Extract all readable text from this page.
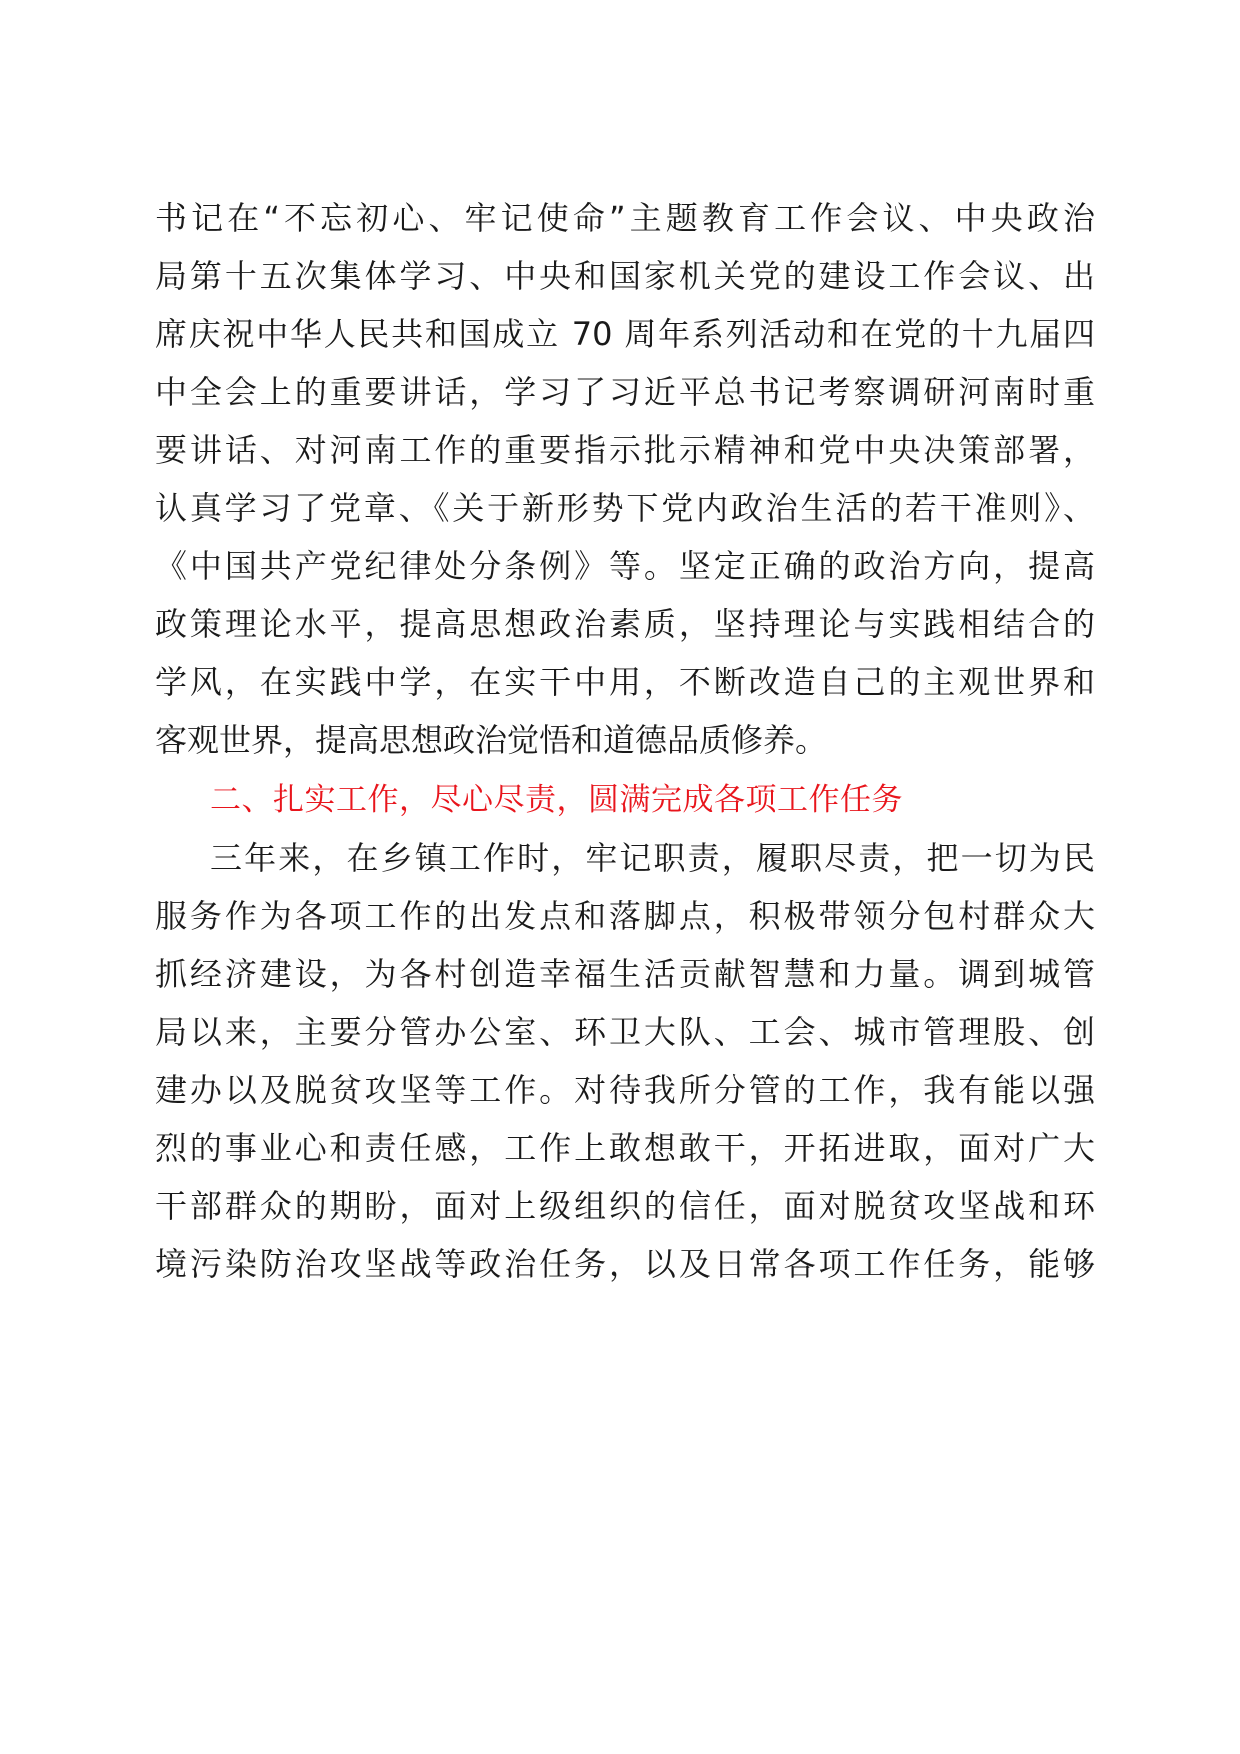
书记在“不忘初心、牢记使命”主题教育工作会议、中央政治
局第十五次集体学习、中央和国家机关党的建设工作会议、出
席庆祝中华人民共和国成立 70 周年系列活动和在党的十九届四
中全会上的重要讲话，学习了习近平总书记考察调研河南时重
要讲话、对河南工作的重要指示批示精神和党中央决策部署，
认真学习了党章、《关于新形势下党内政治生活的若干准则》、
《中国共产党纪律处分条例》等。坚定正确的政治方向，提高
政策理论水平，提高思想政治素质，坚持理论与实践相结合的
学风，在实践中学，在实干中用，不断改造自己的主观世界和
客观世界，提高思想政治觉悟和道德品质修养。
二、扎实工作，尽心尽责，圆满完成各项工作任务
三年来，在乡镇工作时，牢记职责，履职尽责，把一切为民
服务作为各项工作的出发点和落脚点，积极带领分包村群众大
抓经济建设，为各村创造幸福生活贡献智慧和力量。调到城管
局以来，主要分管办公室、环卫大队、工会、城市管理股、创
建办以及脱贫攻坚等工作。对待我所分管的工作，我有能以强
烈的事业心和责任感，工作上敢想敢干，开拓进取，面对广大
干部群众的期盼，面对上级组织的信任，面对脱贫攻坚战和环
境污染防治攻坚战等政治任务，以及日常各项工作任务，能够
